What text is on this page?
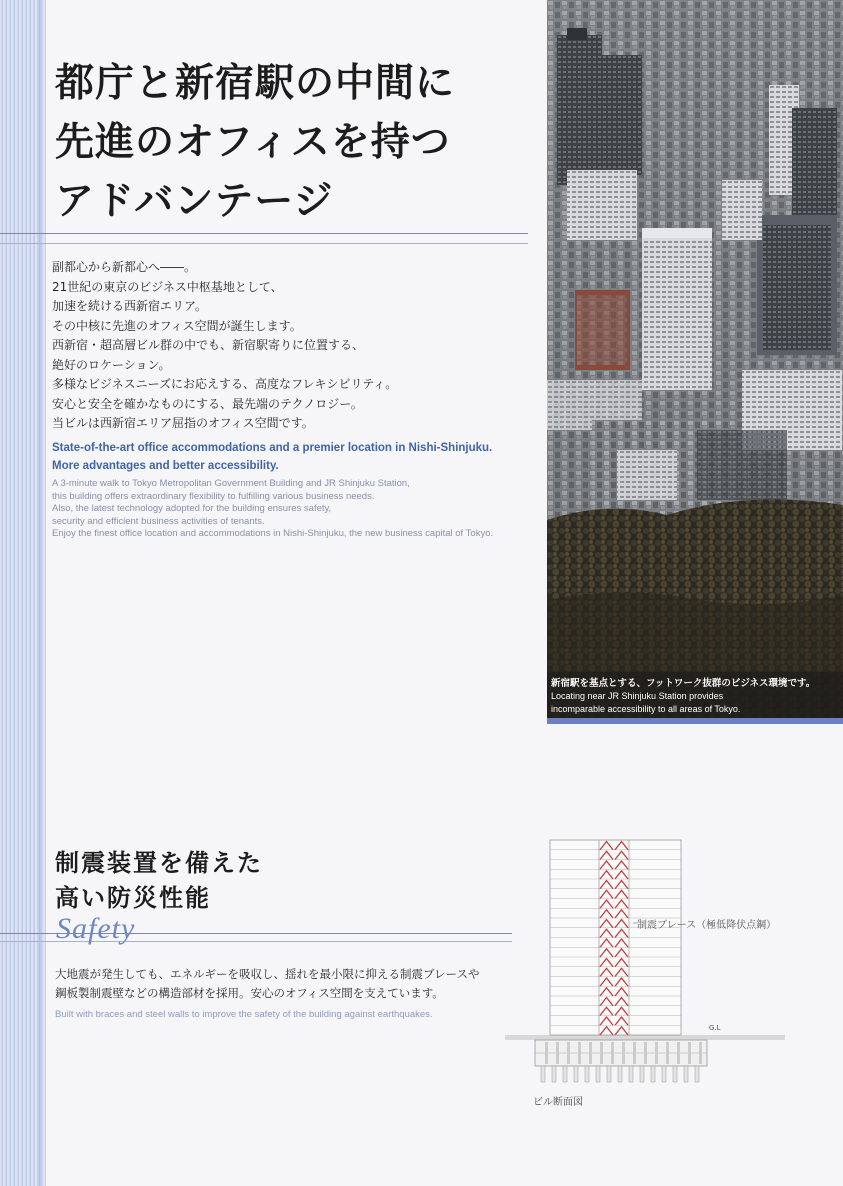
都庁と新宿駅の中間に
先進のオフィスを持つ
アドバンテージ
副都心から新都心へ――。
21世紀の東京のビジネス中枢基地として、
加速を続ける西新宿エリア。
その中核に先進のオフィス空間が誕生します。
西新宿・超高層ビル群の中でも、新宿駅寄りに位置する、
絶好のロケーション。
多様なビジネスニーズにお応えする、高度なフレキシビリティ。
安心と安全を確かなものにする、最先端のテクノロジー。
当ビルは西新宿エリア屈指のオフィス空間です。
State-of-the-art office accommodations and a premier location in Nishi-Shinjuku.
More advantages and better accessibility.
A 3-minute walk to Tokyo Metropolitan Government Building and JR Shinjuku Station,
this building offers extraordinary flexibility to fulfilling various business needs.
Also, the latest technology adopted for the building ensures safety,
security and efficient business activities of tenants.
Enjoy the finest office location and accommodations in Nishi-Shinjuku, the new business capital of Tokyo.
新宿駅を基点とする、フットワーク抜群のビジネス環境です。
Locating near JR Shinjuku Station provides
incomparable accessibility to all areas of Tokyo.
制震装置を備えた
高い防災性能
Safety
大地震が発生しても、エネルギーを吸収し、揺れを最小限に抑える制震ブレースや
鋼板製制震壁などの構造部材を採用。安心のオフィス空間を支えています。
Built with braces and steel walls to improve the safety of the building against earthquakes.
制震ブレース（極低降伏点鋼）
G.L
ビル断面図
